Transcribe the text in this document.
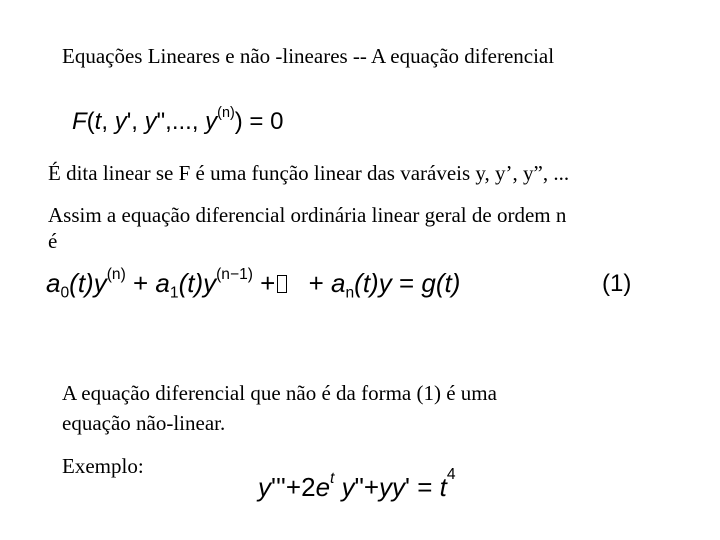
Equações Lineares e não -lineares -- A equação diferencial
F(t, y', y",..., $y^{(n)}) = 0$
É dita linear se F é uma função linear das varáveis y, y’, y”, ...
Assim a equação diferencial ordinária linear geral de ordem n
é
$a_0(t)y^{(n)} + a_1(t)y^{(n-1)}$ + + $a_n(t)y = g(t)$	(1)
A equação diferencial que não é da forma (1) é uma
equação não-linear.
Exemplo:
$y'''+2e^t$ y"+yy' = $t^4$
